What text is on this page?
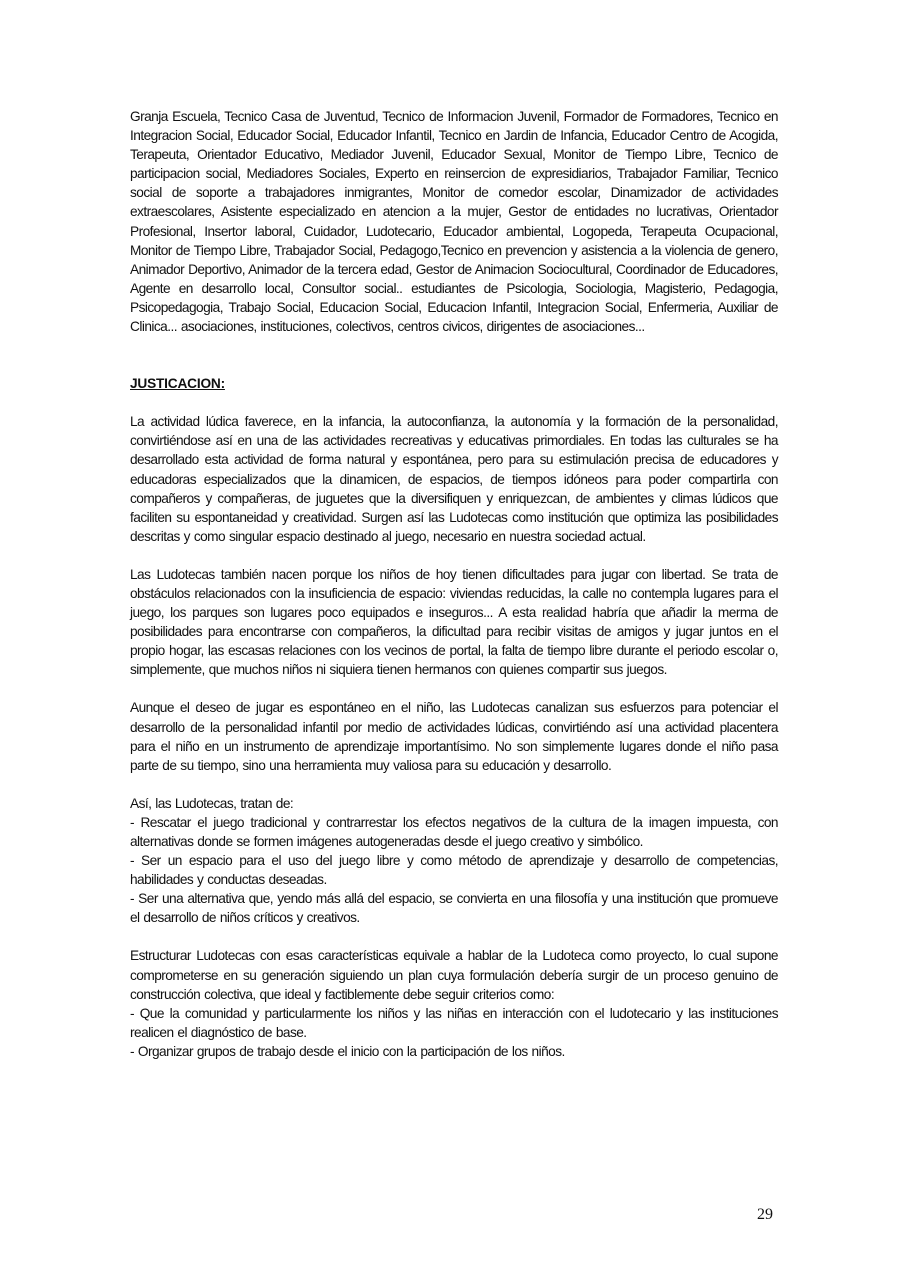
Granja Escuela, Tecnico Casa de Juventud, Tecnico de Informacion Juvenil, Formador de Formadores, Tecnico en Integracion Social, Educador Social, Educador Infantil, Tecnico en Jardin de Infancia, Educador Centro de Acogida, Terapeuta, Orientador Educativo, Mediador Juvenil, Educador Sexual, Monitor de Tiempo Libre, Tecnico de participacion social, Mediadores Sociales, Experto en reinsercion de expresidiarios, Trabajador Familiar, Tecnico social de soporte a trabajadores inmigrantes, Monitor de comedor escolar, Dinamizador de actividades extraescolares, Asistente especializado en atencion a la mujer, Gestor de entidades no lucrativas, Orientador Profesional, Insertor laboral, Cuidador, Ludotecario, Educador ambiental, Logopeda, Terapeuta Ocupacional, Monitor de Tiempo Libre, Trabajador Social, Pedagogo,Tecnico en prevencion y asistencia a la violencia de genero, Animador Deportivo, Animador de la tercera edad, Gestor de Animacion Sociocultural, Coordinador de Educadores, Agente en desarrollo local, Consultor social.. estudiantes de Psicologia, Sociologia, Magisterio, Pedagogia, Psicopedagogia, Trabajo Social, Educacion Social, Educacion Infantil, Integracion Social, Enfermeria, Auxiliar de Clinica... asociaciones, instituciones, colectivos, centros civicos, dirigentes de asociaciones...

JUSTICACION:

La actividad lúdica faverece, en la infancia, la autoconfianza, la autonomía y la formación de la personalidad, convirtiéndose así en una de las actividades recreativas y educativas primordiales. En todas las culturales se ha desarrollado esta actividad de forma natural y espontánea, pero para su estimulación precisa de educadores y educadoras especializados que la dinamicen, de espacios, de tiempos idóneos para poder compartirla con compañeros y compañeras, de juguetes que la diversifiquen y enriquezcan, de ambientes y climas lúdicos que faciliten su espontaneidad y creatividad. Surgen así las Ludotecas como institución que optimiza las posibilidades descritas y como singular espacio destinado al juego, necesario en nuestra sociedad actual.

Las Ludotecas también nacen porque los niños de hoy tienen dificultades para jugar con libertad. Se trata de obstáculos relacionados con la insuficiencia de espacio: viviendas reducidas, la calle no contempla lugares para el juego, los parques son lugares poco equipados e inseguros... A esta realidad habría que añadir la merma de posibilidades para encontrarse con compañeros, la dificultad para recibir visitas de amigos y jugar juntos en el propio hogar, las escasas relaciones con los vecinos de portal, la falta de tiempo libre durante el periodo escolar o, simplemente, que muchos niños ni siquiera tienen hermanos con quienes compartir sus juegos.

Aunque el deseo de jugar es espontáneo en el niño, las Ludotecas canalizan sus esfuerzos para potenciar el desarrollo de la personalidad infantil por medio de actividades lúdicas, convirtiéndo así una actividad placentera para el niño en un instrumento de aprendizaje importantísimo. No son simplemente lugares donde el niño pasa parte de su tiempo, sino una herramienta muy valiosa para su educación y desarrollo.

Así, las Ludotecas, tratan de:

- Rescatar el juego tradicional y contrarrestar los efectos negativos de la cultura de la imagen impuesta, con alternativas donde se formen imágenes autogeneradas desde el juego creativo y simbólico.

- Ser un espacio para el uso del juego libre y como método de aprendizaje y desarrollo de competencias, habilidades y conductas deseadas.

- Ser una alternativa que, yendo más allá del espacio, se convierta en una filosofía y una institución que promueve el desarrollo de niños críticos y creativos.

Estructurar Ludotecas con esas características equivale a hablar de la Ludoteca como proyecto, lo cual supone comprometerse en su generación siguiendo un plan cuya formulación debería surgir de un proceso genuino de construcción colectiva, que ideal y factiblemente debe seguir criterios como:

- Que la comunidad y particularmente los niños y las niñas en interacción con el ludotecario y las instituciones realicen el diagnóstico de base.

- Organizar grupos de trabajo desde el inicio con la participación de los niños.

29
